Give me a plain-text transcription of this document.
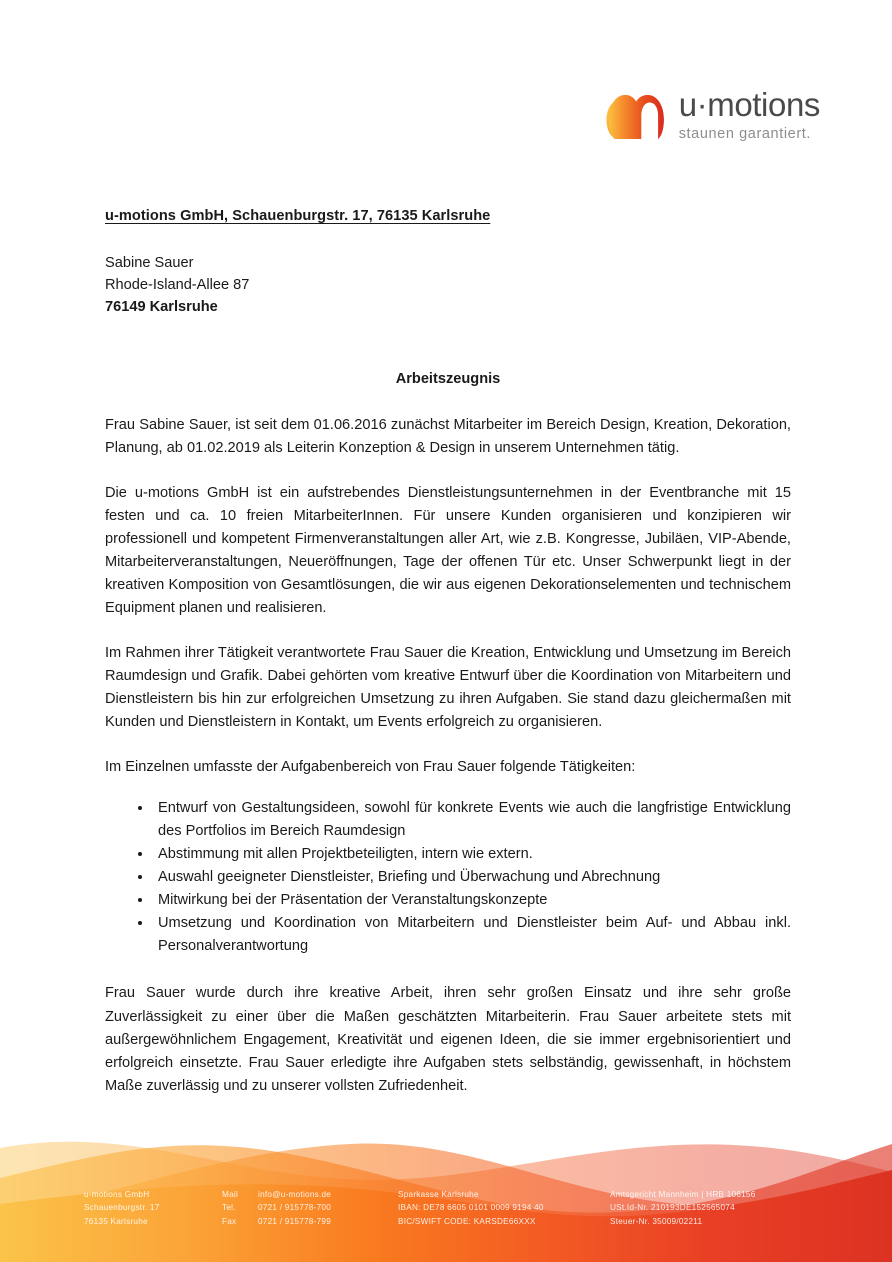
u·motions
staunen garantiert.
u-motions GmbH, Schauenburgstr. 17, 76135 Karlsruhe
Sabine Sauer
Rhode-Island-Allee 87
76149 Karlsruhe
Arbeitszeugnis

Frau Sabine Sauer, ist seit dem 01.06.2016 zunächst Mitarbeiter im Bereich Design, Kreation, Dekoration, Planung, ab 01.02.2019 als Leiterin Konzeption & Design in unserem Unternehmen tätig.

Die u-motions GmbH ist ein aufstrebendes Dienstleistungsunternehmen in der Eventbranche mit 15 festen und ca. 10 freien MitarbeiterInnen. Für unsere Kunden organisieren und konzipieren wir professionell und kompetent Firmenveranstaltungen aller Art, wie z.B. Kongresse, Jubiläen, VIP-Abende, Mitarbeiterveranstaltungen, Neueröffnungen, Tage der offenen Tür etc. Unser Schwerpunkt liegt in der kreativen Komposition von Gesamtlösungen, die wir aus eigenen Dekorationselementen und technischem Equipment planen und realisieren.

Im Rahmen ihrer Tätigkeit verantwortete Frau Sauer die Kreation, Entwicklung und Umsetzung im Bereich Raumdesign und Grafik. Dabei gehörten vom kreative Entwurf über die Koordination von Mitarbeitern und Dienstleistern bis hin zur erfolgreichen Umsetzung zu ihren Aufgaben. Sie stand dazu gleichermaßen mit Kunden und Dienstleistern in Kontakt, um Events erfolgreich zu organisieren.

Im Einzelnen umfasste der Aufgabenbereich von Frau Sauer folgende Tätigkeiten:

Entwurf von Gestaltungsideen, sowohl für konkrete Events wie auch die langfristige Entwicklung des Portfolios im Bereich Raumdesign
Abstimmung mit allen Projektbeteiligten, intern wie extern.
Auswahl geeigneter Dienstleister, Briefing und Überwachung und Abrechnung
Mitwirkung bei der Präsentation der Veranstaltungskonzepte
Umsetzung und Koordination von Mitarbeitern und Dienstleister beim Auf- und Abbau inkl. Personalverantwortung

Frau Sauer wurde durch ihre kreative Arbeit, ihren sehr großen Einsatz und ihre sehr große Zuverlässigkeit zu einer über die Maßen geschätzten Mitarbeiterin. Frau Sauer arbeitete stets mit außergewöhnlichem Engagement, Kreativität und eigenen Ideen, die sie immer ergebnisorientiert und erfolgreich einsetzte. Frau Sauer erledigte ihre Aufgaben stets selbständig, gewissenhaft, in höchstem Maße zuverlässig und zu unserer vollsten Zufriedenheit.

u-motions GmbH
Schauenburgstr. 17
76135 Karlsruhe
Mail	info@u-motions.de
Tel.	0721 / 915778-700
Fax	0721 / 915778-799
Sparkasse Karlsruhe
IBAN: DE78 6605 0101 0009 9194 40
BIC/SWIFT CODE: KARSDE66XXX
Amtsgericht Mannheim | HRB 106156
USt.Id-Nr. 210193DE152565074
Steuer-Nr. 35009/02211
